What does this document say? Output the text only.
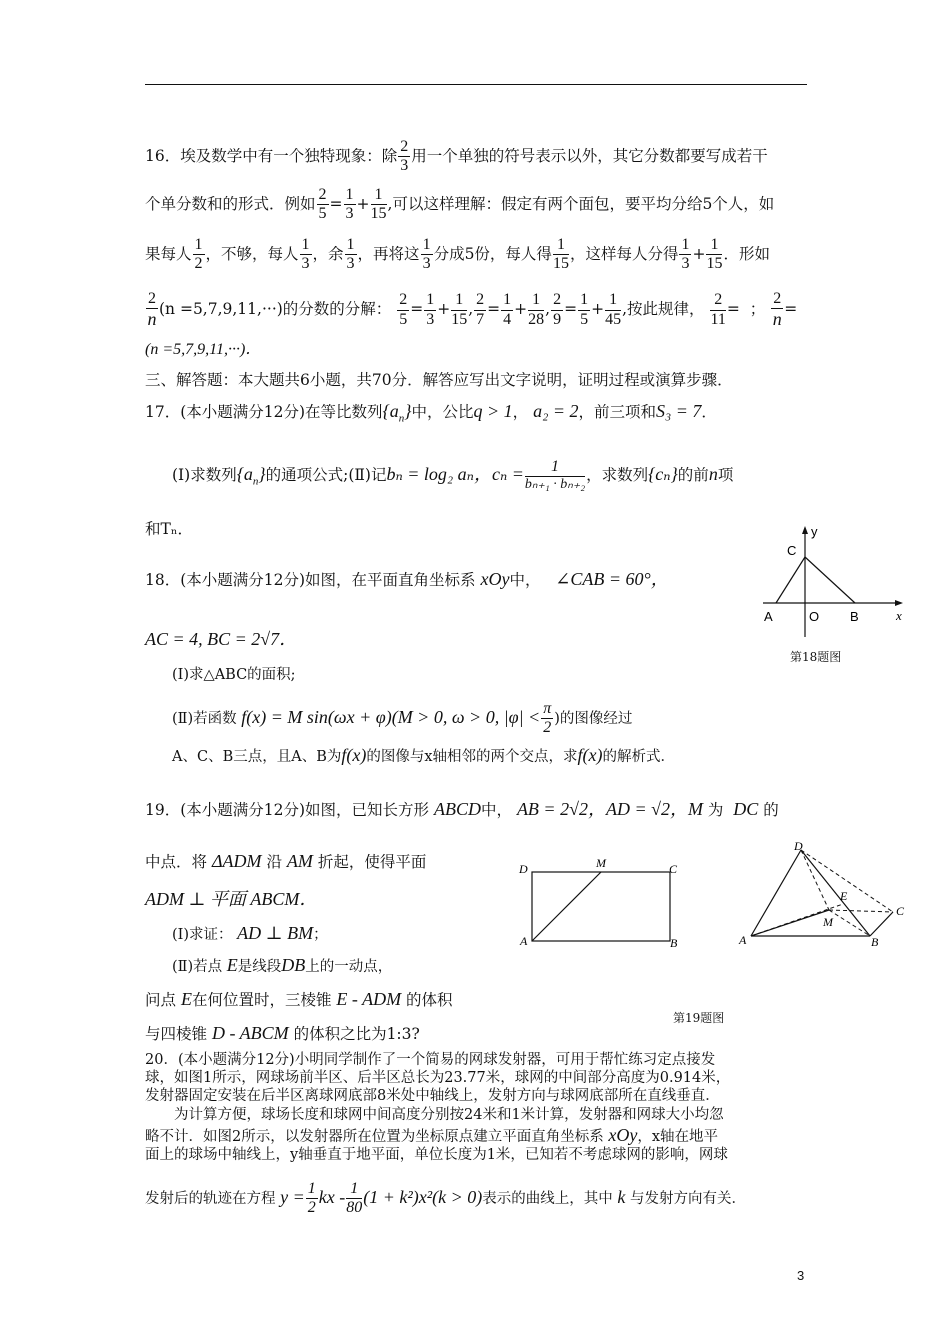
16．埃及数学中有一个独特现象：除 $\frac{2}{3}$ 用一个单独的符号表示以外，其它分数都要写成若干
个单分数和的形式．例如 $\frac{2}{5} = \frac{1}{3} + \frac{1}{15}$ ,可以这样理解：假定有两个面包，要平均分给5个人，如
果每人 $\frac{1}{2}$ ，不够，每人 $\frac{1}{3}$ ，余 $\frac{1}{3}$ ，再将这 $\frac{1}{3}$ 分成5份，每人得 $\frac{1}{15}$ ，这样每人分得 $\frac{1}{3} + \frac{1}{15}$ ．形如
$\frac{2}{n} (n =5,7,9,11,\cdot\cdot\cdot)$的分数的分解： $\frac{2}{5} = \frac{1}{3} + \frac{1}{15}$ , $\frac{2}{7} = \frac{1}{4} + \frac{1}{28}$ , $\frac{2}{9} = \frac{1}{5} + \frac{1}{45}$ ,按此规律， $\frac{2}{11}$ = ； $\frac{2}{n}$ =
(n =5,7,9,11,···)．
三、解答题：本大题共6小题，共70分．解答应写出文字说明，证明过程或演算步骤．
17．(本小题满分12分)在等比数列$\{a_n\}$中，公比q > 1， a₂ = 2，前三项和S₃ = 7．
(Ⅰ)求数列$\{a_n\}$的通项公式;(Ⅱ)记bₙ = log₂ aₙ，$c_n = \frac{1}{\text{bₙ₊₁ · bₙ₊₂}}$ ，求数列{cₙ}的前n项
和Tₙ．
18．(本小题满分12分)如图，在平面直角坐标系 xOy中， ∠CAB = 60°，
AC = 4, BC = 2√7．
(Ⅰ)求△ABC的面积;
(Ⅱ)若函数 f(x) = M sin(ωx + φ)(M > 0, ω > 0, $|\varphi| < \frac{\pi}{2}$ )的图像经过
A、C、B三点，且A、B为f(x)的图像与x轴相邻的两个交点，求f(x)的解析式．
y
x
C
A	O B
第18题图
19．(本小题满分12分)如图，已知长方形 ABCD中， AB = 2√2，AD = √2，M 为 DC 的
中点．将 ΔADM 沿 AM 折起，使得平面
ADM ⊥ 平面 ABCM．
(Ⅰ)求证： AD ⊥ BM；
(Ⅱ)若点 E是线段DB上的一动点，
问点 E在何位置时，三棱锥 E - ADM 的体积
与四棱锥 D - ABCM 的体积之比为1:3?
D	M	C
A	B
D
E
M
C
A	B
第19题图
20．(本小题满分12分)小明同学制作了一个简易的网球发射器，可用于帮忙练习定点接发
球，如图1所示，网球场前半区、后半区总长为23.77米，球网的中间部分高度为0.914米，
发射器固定安装在后半区离球网底部8米处中轴线上，发射方向与球网底部所在直线垂直．
为计算方便，球场长度和球网中间高度分别按24米和1米计算，发射器和网球大小均忽
略不计．如图2所示，以发射器所在位置为坐标原点建立平面直角坐标系 xOy，x轴在地平
面上的球场中轴线上，y轴垂直于地平面，单位长度为1米，已知若不考虑球网的影响，网球
发射后的轨迹在方程 $y = \frac{1}{2}$ kx - $\frac{1}{80} (1 + k^2)x^2(k > 0)$表示的曲线上，其中 k 与发射方向有关．
3
